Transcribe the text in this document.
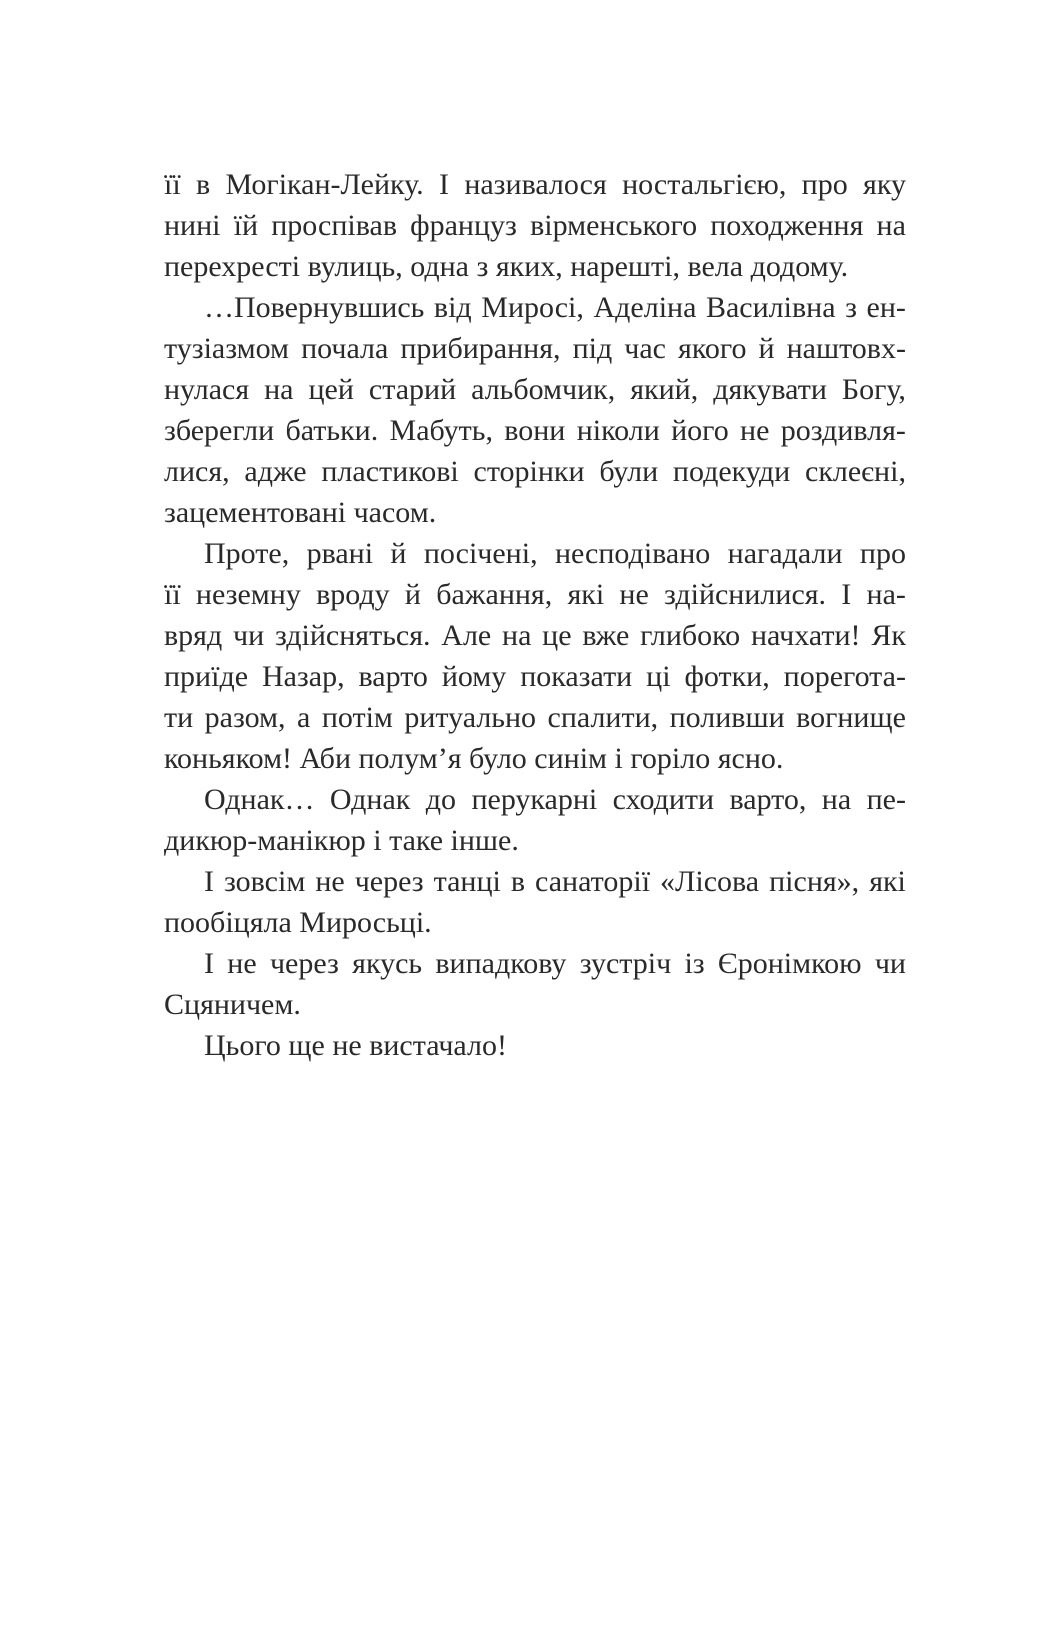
її в Могікан-Лейку. І називалося ностальгією, про яку
нині їй проспівав француз вірменського походження на
перехресті вулиць, одна з яких, нарешті, вела додому.
…Повернувшись від Миросі, Аделіна Василівна з ен-
тузіазмом почала прибирання, під час якого й наштовх-
нулася на цей старий альбомчик, який, дякувати Богу,
зберегли батьки. Мабуть, вони ніколи його не роздивля-
лися, адже пластикові сторінки були подекуди склеєні,
зацементовані часом.
Проте, рвані й посічені, несподівано нагадали про
її неземну вроду й бажання, які не здійснилися. І на-
вряд чи здійсняться. Але на це вже глибоко начхати! Як
приїде Назар, варто йому показати ці фотки, порегота-
ти разом, а потім ритуально спалити, поливши вогнище
коньяком! Аби полум’я було синім і горіло ясно.
Однак… Однак до перукарні сходити варто, на пе-
дикюр-манікюр і таке інше.
І зовсім не через танці в санаторії «Лісова пісня», які
пообіцяла Миросьці.
І не через якусь випадкову зустріч із Єронімкою чи
Сцяничем.
Цього ще не вистачало!
